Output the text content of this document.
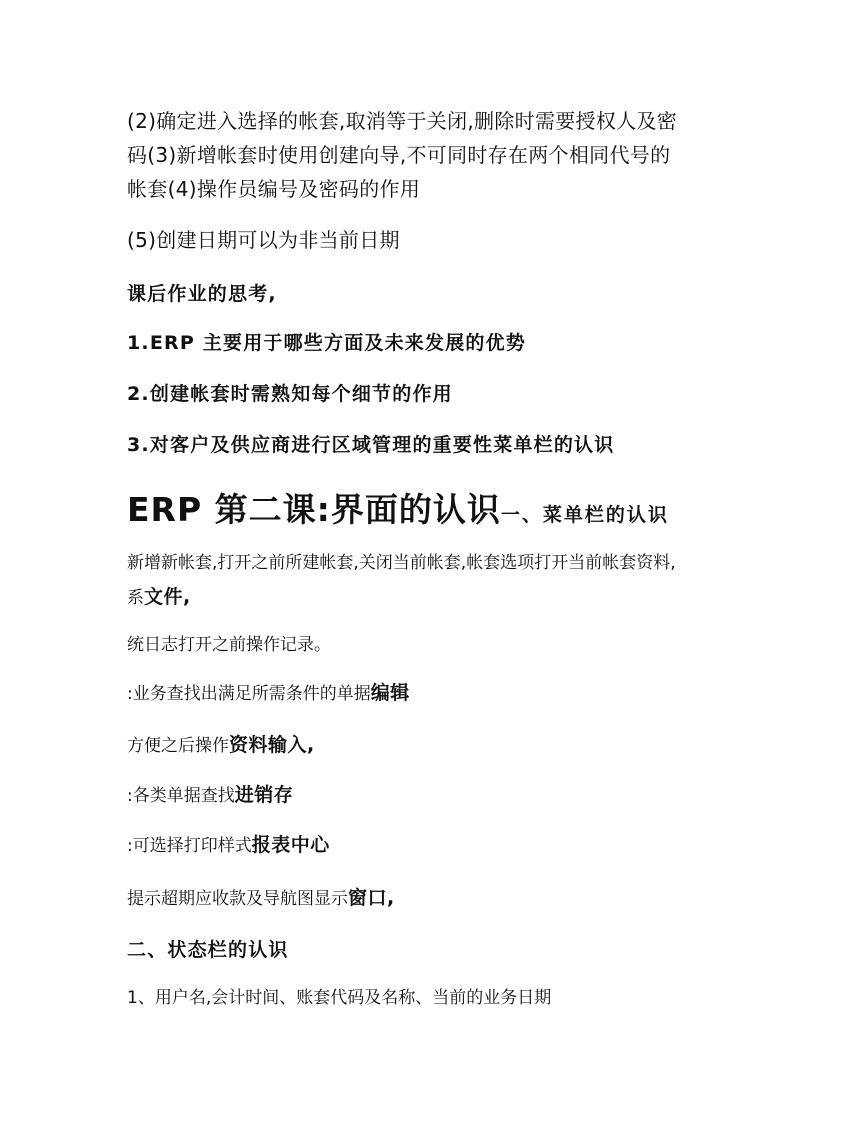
(2)确定进入选择的帐套,取消等于关闭,删除时需要授权人及密
码(3)新增帐套时使用创建向导,不可同时存在两个相同代号的
帐套(4)操作员编号及密码的作用
(5)创建日期可以为非当前日期
课后作业的思考,
1.ERP 主要用于哪些方面及未来发展的优势
2.创建帐套时需熟知每个细节的作用
3.对客户及供应商进行区域管理的重要性菜单栏的认识
ERP 第二课:界面的认识一、菜单栏的认识
新增新帐套,打开之前所建帐套,关闭当前帐套,帐套选项打开当前帐套资料,
系文件,
统日志打开之前操作记录。
:业务查找出满足所需条件的单据编辑
方便之后操作资料输入,
:各类单据查找进销存
:可选择打印样式报表中心
提示超期应收款及导航图显示窗口,
二、状态栏的认识
1、用户名,会计时间、账套代码及名称、当前的业务日期
